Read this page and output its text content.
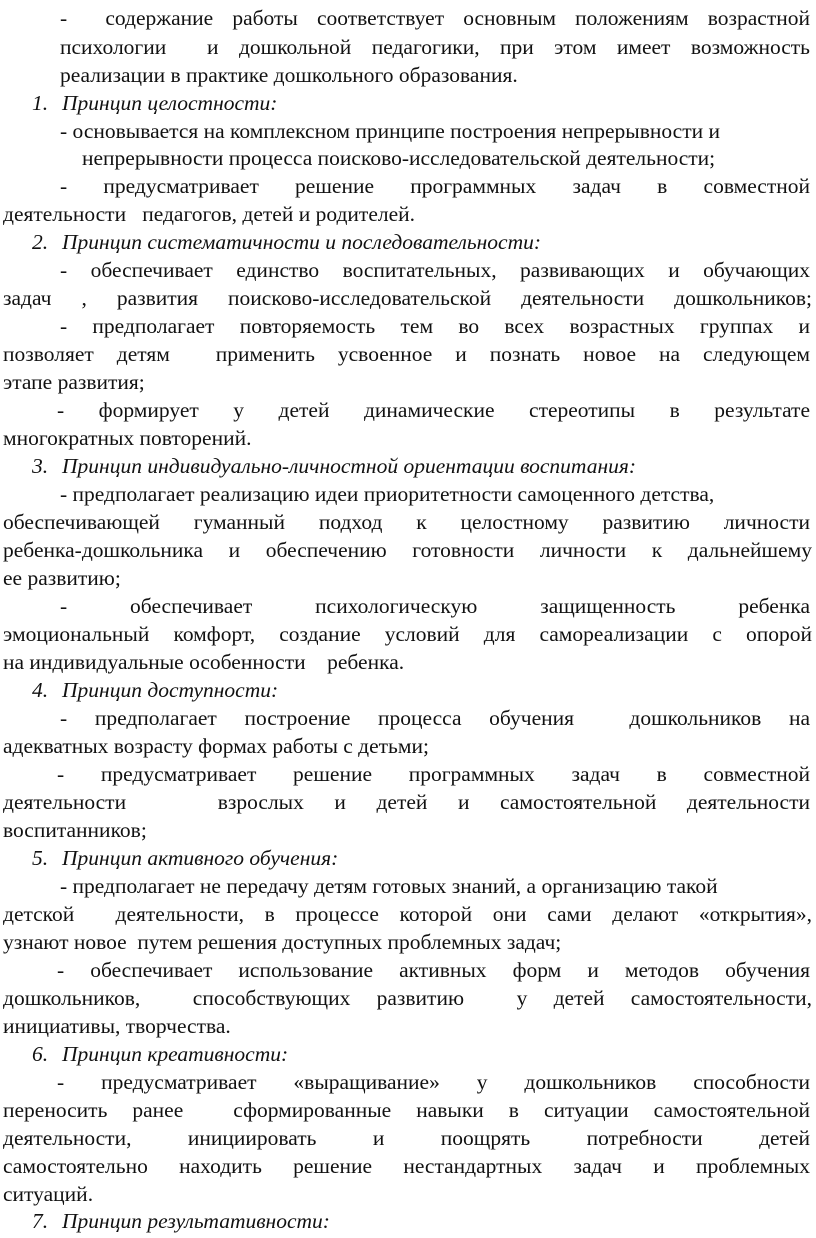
-  содержание работы соответствует основным положениям возрастной
психологии  и дошкольной педагогики, при этом имеет возможность
реализации в практике дошкольного образования.
1. Принцип целостности:
- основывается на комплексном принципе построения непрерывности и
непрерывности процесса поисково-исследовательской деятельности;
-  предусматривает  решение  программных  задач  в  совместной
деятельности   педагогов, детей и родителей.
2. Принцип систематичности и последовательности:
- обеспечивает единство воспитательных, развивающих и обучающих
задач , развития поисково-исследовательской деятельности дошкольников;
- предполагает повторяемость тем во всех возрастных группах и
позволяет детям  применить усвоенное и познать новое на следующем
этапе развития;
-  формирует  у  детей  динамические  стереотипы  в  результате
многократных повторений.
3. Принцип индивидуально-личностной ориентации воспитания:
- предполагает реализацию идеи приоритетности самоценного детства,
обеспечивающей гуманный подход к целостному развитию личности
ребенка-дошкольника и обеспечению готовности личности к дальнейшему
ее развитию;
-   обеспечивает   психологическую   защищенность   ребенка
эмоциональный комфорт, создание условий для самореализации с опорой
на индивидуальные особенности    ребенка.
4. Принцип доступности:
- предполагает построение процесса обучения  дошкольников на
адекватных возрасту формах работы с детьми;
-  предусматривает  решение  программных  задач  в  совместной
деятельности   взрослых и детей и самостоятельной деятельности
воспитанников;
5. Принцип активного обучения:
- предполагает не передачу детям готовых знаний, а организацию такой
детской  деятельности, в процессе которой они сами делают «открытия»,
узнают новое  путем решения доступных проблемных задач;
- обеспечивает использование активных форм и методов обучения
дошкольников,  способствующих развитию  у детей самостоятельности,
инициативы, творчества.
6. Принцип креативности:
-  предусматривает  «выращивание»  у  дошкольников  способности
переносить ранее  сформированные навыки в ситуации самостоятельной
деятельности,  инициировать  и  поощрять  потребности  детей
самостоятельно находить решение нестандартных задач и проблемных
ситуаций.
7. Принцип результативности:
